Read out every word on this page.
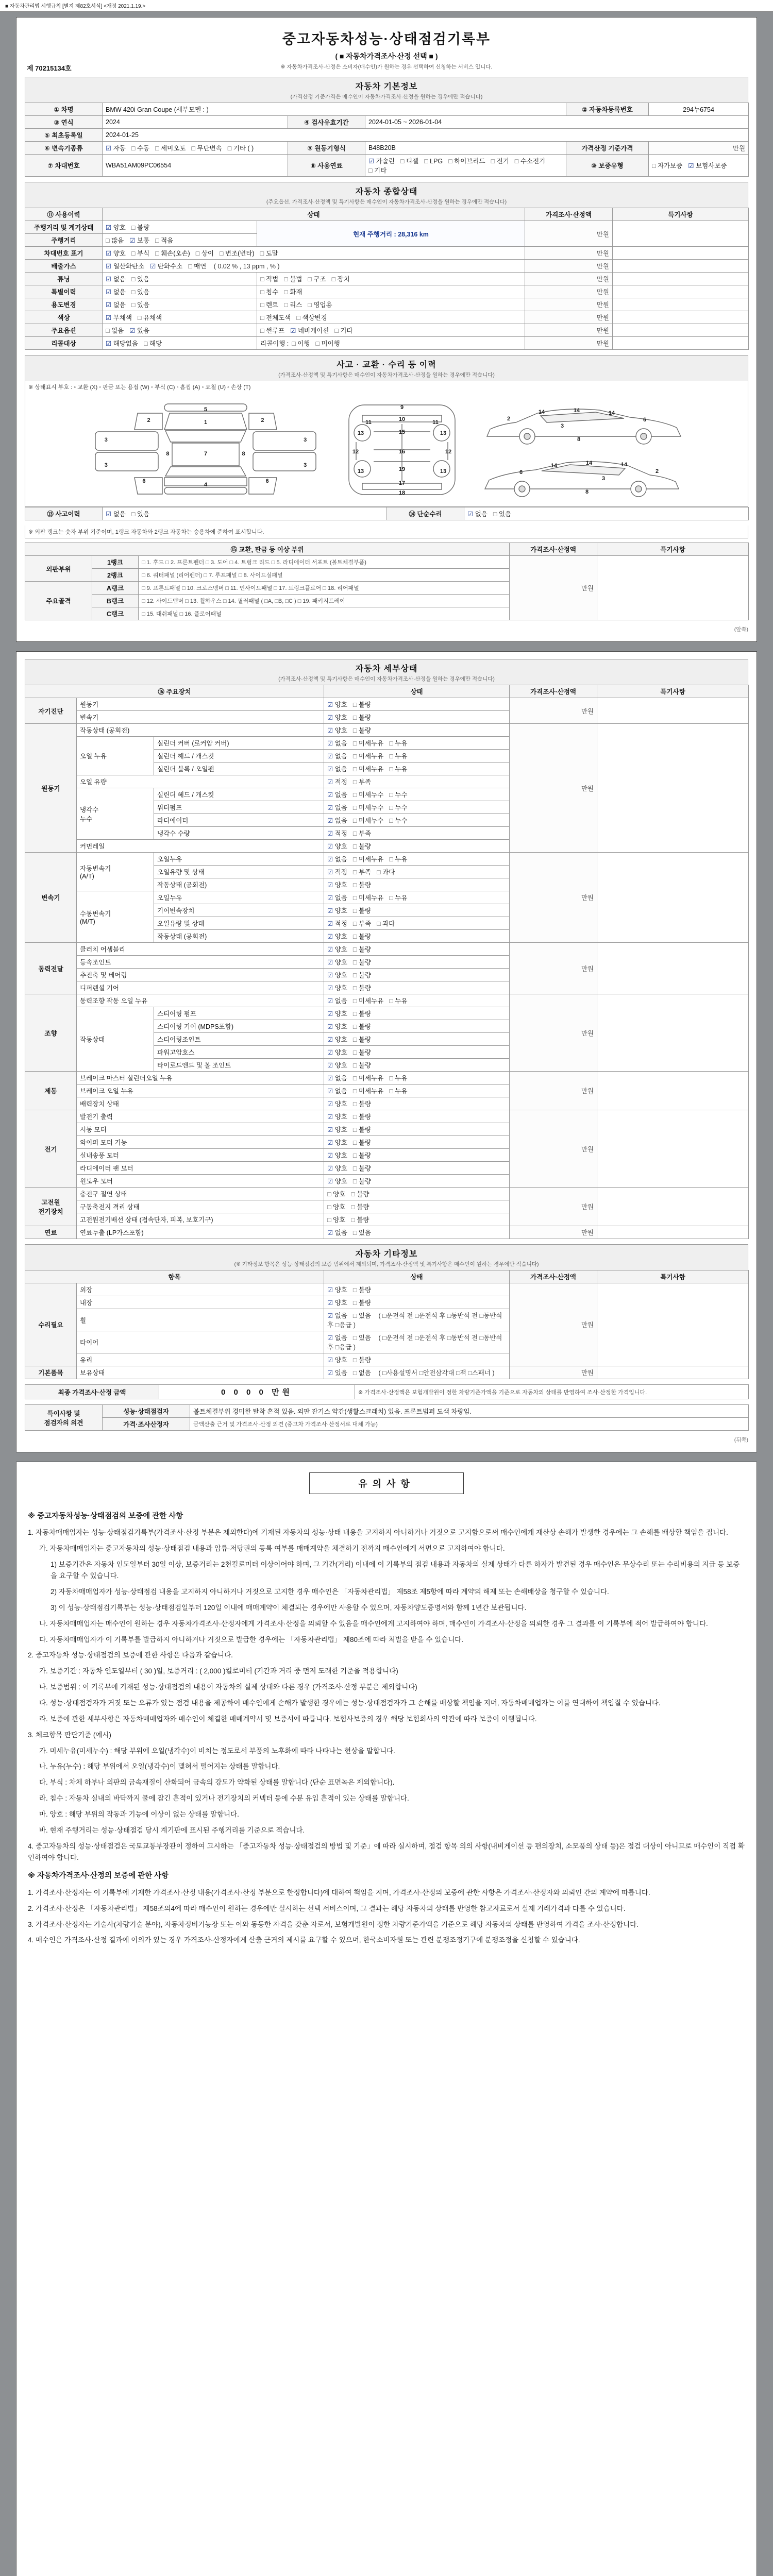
■ 자동차관리법 시행규칙 [별지 제82호서식] <개정 2021.1.19.>
제 70215134호
중고자동차성능·상태점검기록부
( ■ 자동차가격조사·산정 선택 ■ )
※ 자동차가격조사·산정은 소비자(매수인)가 원하는 경우 선택하여 신청하는 서비스 입니다.
자동차 기본정보
(가격산정 기준가격은 매수인이 자동차가격조사·산정을 원하는 경우에만 적습니다)
① 차명	BMW 420i Gran Coupe (세부모델 : )			② 자동차등록번호	294누6754
③ 연식	2024	④ 검사유효기간	2024-01-05 ~ 2026-01-04		
⑤ 최초등록일	2024-01-25				
⑥ 변속기종류	☑ 자동 □ 수동 □ 세미오토 □ 무단변속 □ 기타 ( )	⑨ 원동기형식	B48B20B	가격산정 기준가격	만원
⑦ 차대번호	WBA51AM09PC06554	⑧ 사용연료	☑ 가솔린 □ 디젤 □ LPG □ 하이브리드 □ 전기 □ 수소전기□ 기타	⑩ 보증유형	□ 자가보증 ☑ 보험사보증
자동차 종합상태
(주요옵션, 가격조사·산정액 및 특기사항은 매수인이 자동차가격조사·산정을 원하는 경우에만 적습니다)
⑪ 사용이력	상태		가격조사·산정액	특기사항
주행거리 및 계기상태	☑ 양호 □ 불량	현재 주행거리 : 28,316 km	만원	
주행거리	□ 많음 ☑ 보통 □ 적음			
차대번호 표기	☑ 양호 □ 부식 □ 훼손(오손) □ 상이 □ 변조(변타) □ 도말		만원	
배출가스	☑ 일산화탄소 ☑ 탄화수소 □ 매연 ( 0.02 % , 13 ppm , % )		만원	
튜닝	☑ 없음 □ 있음	□ 적법 □ 불법 □ 구조 □ 장치	만원	
특별이력	☑ 없음 □ 있음	□ 침수 □ 화재	만원	
용도변경	☑ 없음 □ 있음	□ 렌트 □ 리스 □ 영업용	만원	
색상	☑ 무채색 □ 유채색	□ 전체도색 □ 색상변경	만원	
주요옵션	□ 없음 ☑ 있음	□ 썬루프 ☑ 네비게이션 □ 기타	만원	
리콜대상	☑ 해당없음 □ 해당	리콜이행 : □ 이행 □ 미이행	만원	
사고 · 교환 · 수리 등 이력
(가격조사·산정액 및 특기사항은 매수인이 자동차가격조사·산정을 원하는 경우에만 적습니다)
※ 상태표시 부호 : ◦ 교환 (X) ◦ 판금 또는 용접 (W) ◦ 부식 (C) ◦ 흠집 (A) ◦ 요철 (U) ◦ 손상 (T)
5
1
2	2
3
3
3
3
7
8	8
6	6
4
9
10
11	11
13	15	13
12	16	12
19
13	13
17
18
2
14	14	14
3
6
8
6
14	14	14
3
2
8
⑬ 사고이력	☑ 없음 □ 있음	⑭ 단순수리	☑ 없음 □ 있음
※ 외판 랭크는 숫자 부위 기준이며, 1랭크 자동차와 2랭크 자동차는 승용차에 준하여 표시합니다.
⑮ 교환, 판금 등 이상 부위			가격조사·산정액	특기사항
외판부위	1랭크	□ 1. 후드 □ 2. 프론트펜더 □ 3. 도어 □ 4. 트렁크 리드 □ 5. 라디에이터 서포트 (볼트체결부품)	만원	
	2랭크	□ 6. 쿼터패널 (리어펜더) □ 7. 루프패널 □ 8. 사이드실패널		
주요골격	A랭크	□ 9. 프론트패널 □ 10. 크로스멤버 □ 11. 인사이드패널 □ 17. 트렁크플로어 □ 18. 리어패널		
	B랭크	□ 12. 사이드멤버 □ 13. 휠하우스 □ 14. 필러패널 ( □A, □B, □C ) □ 19. 패키지트레이		
	C랭크	□ 15. 대쉬패널 □ 16. 플로어패널		
(앞쪽)
자동차 세부상태
(가격조사·산정액 및 특기사항은 매수인이 자동차가격조사·산정을 원하는 경우에만 적습니다)
⑯ 주요장치			상태	가격조사·산정액	특기사항
자기진단	원동기		☑ 양호 □ 불량	만원	
	변속기		☑ 양호 □ 불량		
원동기	작동상태 (공회전)		☑ 양호 □ 불량	만원	
	오일 누유	실린더 커버 (로커암 커버)	☑ 없음 □ 미세누유 □ 누유		
		실린더 헤드 / 개스킷	☑ 없음 □ 미세누유 □ 누유		
		실린더 블록 / 오일팬	☑ 없음 □ 미세누유 □ 누유		
	오일 유량		☑ 적정 □ 부족		
	냉각수
누수	실린더 헤드 / 개스킷	☑ 없음 □ 미세누수 □ 누수		
		워터펌프	☑ 없음 □ 미세누수 □ 누수		
		라디에이터	☑ 없음 □ 미세누수 □ 누수		
		냉각수 수량	☑ 적정 □ 부족		
	커먼레일		☑ 양호 □ 불량		
변속기	자동변속기
(A/T)	오일누유	☑ 없음 □ 미세누유 □ 누유	만원	
		오일유량 및 상태	☑ 적정 □ 부족 □ 과다		
		작동상태 (공회전)	☑ 양호 □ 불량		
	수동변속기
(M/T)	오일누유	☑ 없음 □ 미세누유 □ 누유		
		기어변속장치	☑ 양호 □ 불량		
		오일유량 및 상태	☑ 적정 □ 부족 □ 과다		
		작동상태 (공회전)	☑ 양호 □ 불량		
동력전달	클러치 어셈블리		☑ 양호 □ 불량	만원	
	등속조인트		☑ 양호 □ 불량		
	추진축 및 베어링		☑ 양호 □ 불량		
	디퍼렌셜 기어		☑ 양호 □ 불량		
조향	동력조향 작동 오일 누유		☑ 없음 □ 미세누유 □ 누유	만원	
	작동상태	스티어링 펌프	☑ 양호 □ 불량		
		스티어링 기어 (MDPS포함)	☑ 양호 □ 불량		
		스티어링조인트	☑ 양호 □ 불량		
		파워고압호스	☑ 양호 □ 불량		
		타이로드엔드 및 볼 조인트	☑ 양호 □ 불량		
제동	브레이크 마스터 실린더오일 누유		☑ 없음 □ 미세누유 □ 누유	만원	
	브레이크 오일 누유		☑ 없음 □ 미세누유 □ 누유		
	배력장치 상태		☑ 양호 □ 불량		
전기	발전기 출력		☑ 양호 □ 불량	만원	
	시동 모터		☑ 양호 □ 불량		
	와이퍼 모터 기능		☑ 양호 □ 불량		
	실내송풍 모터		☑ 양호 □ 불량		
	라디에이터 팬 모터		☑ 양호 □ 불량		
	윈도우 모터		☑ 양호 □ 불량		
고전원
전기장치	충전구 절연 상태		□ 양호 □ 불량	만원	
	구동축전지 격리 상태		□ 양호 □ 불량		
	고전원전기배선 상태 (접속단자, 피복, 보호기구)		□ 양호 □ 불량		
연료	연료누출 (LP가스포함)		☑ 없음 □ 있음	만원	
자동차 기타정보
(※ 기타정보 항목은 성능·상태점검의 보증 범위에서 제외되며, 가격조사·산정액 및 특기사항은 매수인이 원하는 경우에만 적습니다)
항목		상태	가격조사·산정액	특기사항
수리필요	외장	☑ 양호 □ 불량	만원	
	내장	☑ 양호 □ 불량		
	휠	☑ 없음 □ 있음 ( □운전석 전 □운전석 후 □동반석 전 □동반석 후 □응급 )		
	타이어	☑ 없음 □ 있음 ( □운전석 전 □운전석 후 □동반석 전 □동반석 후 □응급 )		
	유리	☑ 양호 □ 불량		
기본품목	보유상태	☑ 있음 □ 없음 ( □사용설명서 □안전삼각대 □잭 □스패너 )	만원	
최종 가격조사·산정 금액	0 0 0 0 만원	※ 가격조사·산정액은 보험개발원이 정한 차량기준가액을 기준으로 자동차의 상태를 반영하여 조사·산정한 가격입니다.
특이사항 및
점검자의 의견	성능·상태점검자	볼트체결부위 경미한 탈착 흔적 있음. 외판 잔기스 약간(생활스크래치) 있음. 프론트범퍼 도색 차량임.
	가격·조사산정자	금액산출 근거 및 가격조사·산정 의견 (중고차 가격조사·산정서로 대체 가능)
(뒤쪽)
유의사항

※ 중고자동차성능·상태점검의 보증에 관한 사항

1. 자동차매매업자는 성능·상태점검기록부(가격조사·산정 부분은 제외한다)에 기재된 자동차의 성능·상태 내용을 고지하지 아니하거나 거짓으로 고지함으로써 매수인에게 재산상 손해가 발생한 경우에는 그 손해를 배상할 책임을 집니다.

가. 자동차매매업자는 중고자동차의 성능·상태점검 내용과 압류·저당권의 등록 여부를 매매계약을 체결하기 전까지 매수인에게 서면으로 고지하여야 합니다.

1) 보증기간은 자동차 인도일부터 30일 이상, 보증거리는 2천킬로미터 이상이어야 하며, 그 기간(거리) 이내에 이 기록부의 점검 내용과 자동차의 실제 상태가 다른 하자가 발견된 경우 매수인은 무상수리 또는 수리비용의 지급 등 보증을 요구할 수 있습니다.

2) 자동차매매업자가 성능·상태점검 내용을 고지하지 아니하거나 거짓으로 고지한 경우 매수인은 「자동차관리법」 제58조 제5항에 따라 계약의 해제 또는 손해배상을 청구할 수 있습니다.

3) 이 성능·상태점검기록부는 성능·상태점검일부터 120일 이내에 매매계약이 체결되는 경우에만 사용할 수 있으며, 자동차양도증명서와 함께 1년간 보관됩니다.

나. 자동차매매업자는 매수인이 원하는 경우 자동차가격조사·산정자에게 가격조사·산정을 의뢰할 수 있음을 매수인에게 고지하여야 하며, 매수인이 가격조사·산정을 의뢰한 경우 그 결과를 이 기록부에 적어 발급하여야 합니다.

다. 자동차매매업자가 이 기록부를 발급하지 아니하거나 거짓으로 발급한 경우에는 「자동차관리법」 제80조에 따라 처벌을 받을 수 있습니다.

2. 중고자동차 성능·상태점검의 보증에 관한 사항은 다음과 같습니다.

가. 보증기간 : 자동차 인도일부터 ( 30 )일, 보증거리 : ( 2,000 )킬로미터 (기간과 거리 중 먼저 도래한 기준을 적용합니다)

나. 보증범위 : 이 기록부에 기재된 성능·상태점검의 내용이 자동차의 실제 상태와 다른 경우 (가격조사·산정 부분은 제외합니다)

다. 성능·상태점검자가 거짓 또는 오류가 있는 점검 내용을 제공하여 매수인에게 손해가 발생한 경우에는 성능·상태점검자가 그 손해를 배상할 책임을 지며, 자동차매매업자는 이를 연대하여 책임질 수 있습니다.

라. 보증에 관한 세부사항은 자동차매매업자와 매수인이 체결한 매매계약서 및 보증서에 따릅니다. 보험사보증의 경우 해당 보험회사의 약관에 따라 보증이 이행됩니다.

3. 체크항목 판단기준 (예시)

가. 미세누유(미세누수) : 해당 부위에 오일(냉각수)이 비치는 정도로서 부품의 노후화에 따라 나타나는 현상을 말합니다.

나. 누유(누수) : 해당 부위에서 오일(냉각수)이 맺혀서 떨어지는 상태를 말합니다.

다. 부식 : 차체 하부나 외판의 금속재질이 산화되어 금속의 강도가 약화된 상태를 말합니다 (단순 표면녹은 제외합니다).

라. 침수 : 자동차 실내의 바닥까지 물에 잠긴 흔적이 있거나 전기장치의 커넥터 등에 수분 유입 흔적이 있는 상태를 말합니다.

마. 양호 : 해당 부위의 작동과 기능에 이상이 없는 상태를 말합니다.

바. 현재 주행거리는 성능·상태점검 당시 계기판에 표시된 주행거리를 기준으로 적습니다.

4. 중고자동차의 성능·상태점검은 국토교통부장관이 정하여 고시하는 「중고자동차 성능·상태점검의 방법 및 기준」에 따라 실시하며, 점검 항목 외의 사항(내비게이션 등 편의장치, 소모품의 상태 등)은 점검 대상이 아니므로 매수인이 직접 확인하여야 합니다.

※ 자동차가격조사·산정의 보증에 관한 사항

1. 가격조사·산정자는 이 기록부에 기재한 가격조사·산정 내용(가격조사·산정 부분으로 한정합니다)에 대하여 책임을 지며, 가격조사·산정의 보증에 관한 사항은 가격조사·산정자와 의뢰인 간의 계약에 따릅니다.

2. 가격조사·산정은 「자동차관리법」 제58조의4에 따라 매수인이 원하는 경우에만 실시하는 선택 서비스이며, 그 결과는 해당 자동차의 상태를 반영한 참고자료로서 실제 거래가격과 다를 수 있습니다.

3. 가격조사·산정자는 기술사(차량기술 분야), 자동차정비기능장 또는 이와 동등한 자격을 갖춘 자로서, 보험개발원이 정한 차량기준가액을 기준으로 해당 자동차의 상태를 반영하여 가격을 조사·산정합니다.

4. 매수인은 가격조사·산정 결과에 이의가 있는 경우 가격조사·산정자에게 산출 근거의 제시를 요구할 수 있으며, 한국소비자원 또는 관련 분쟁조정기구에 분쟁조정을 신청할 수 있습니다.
